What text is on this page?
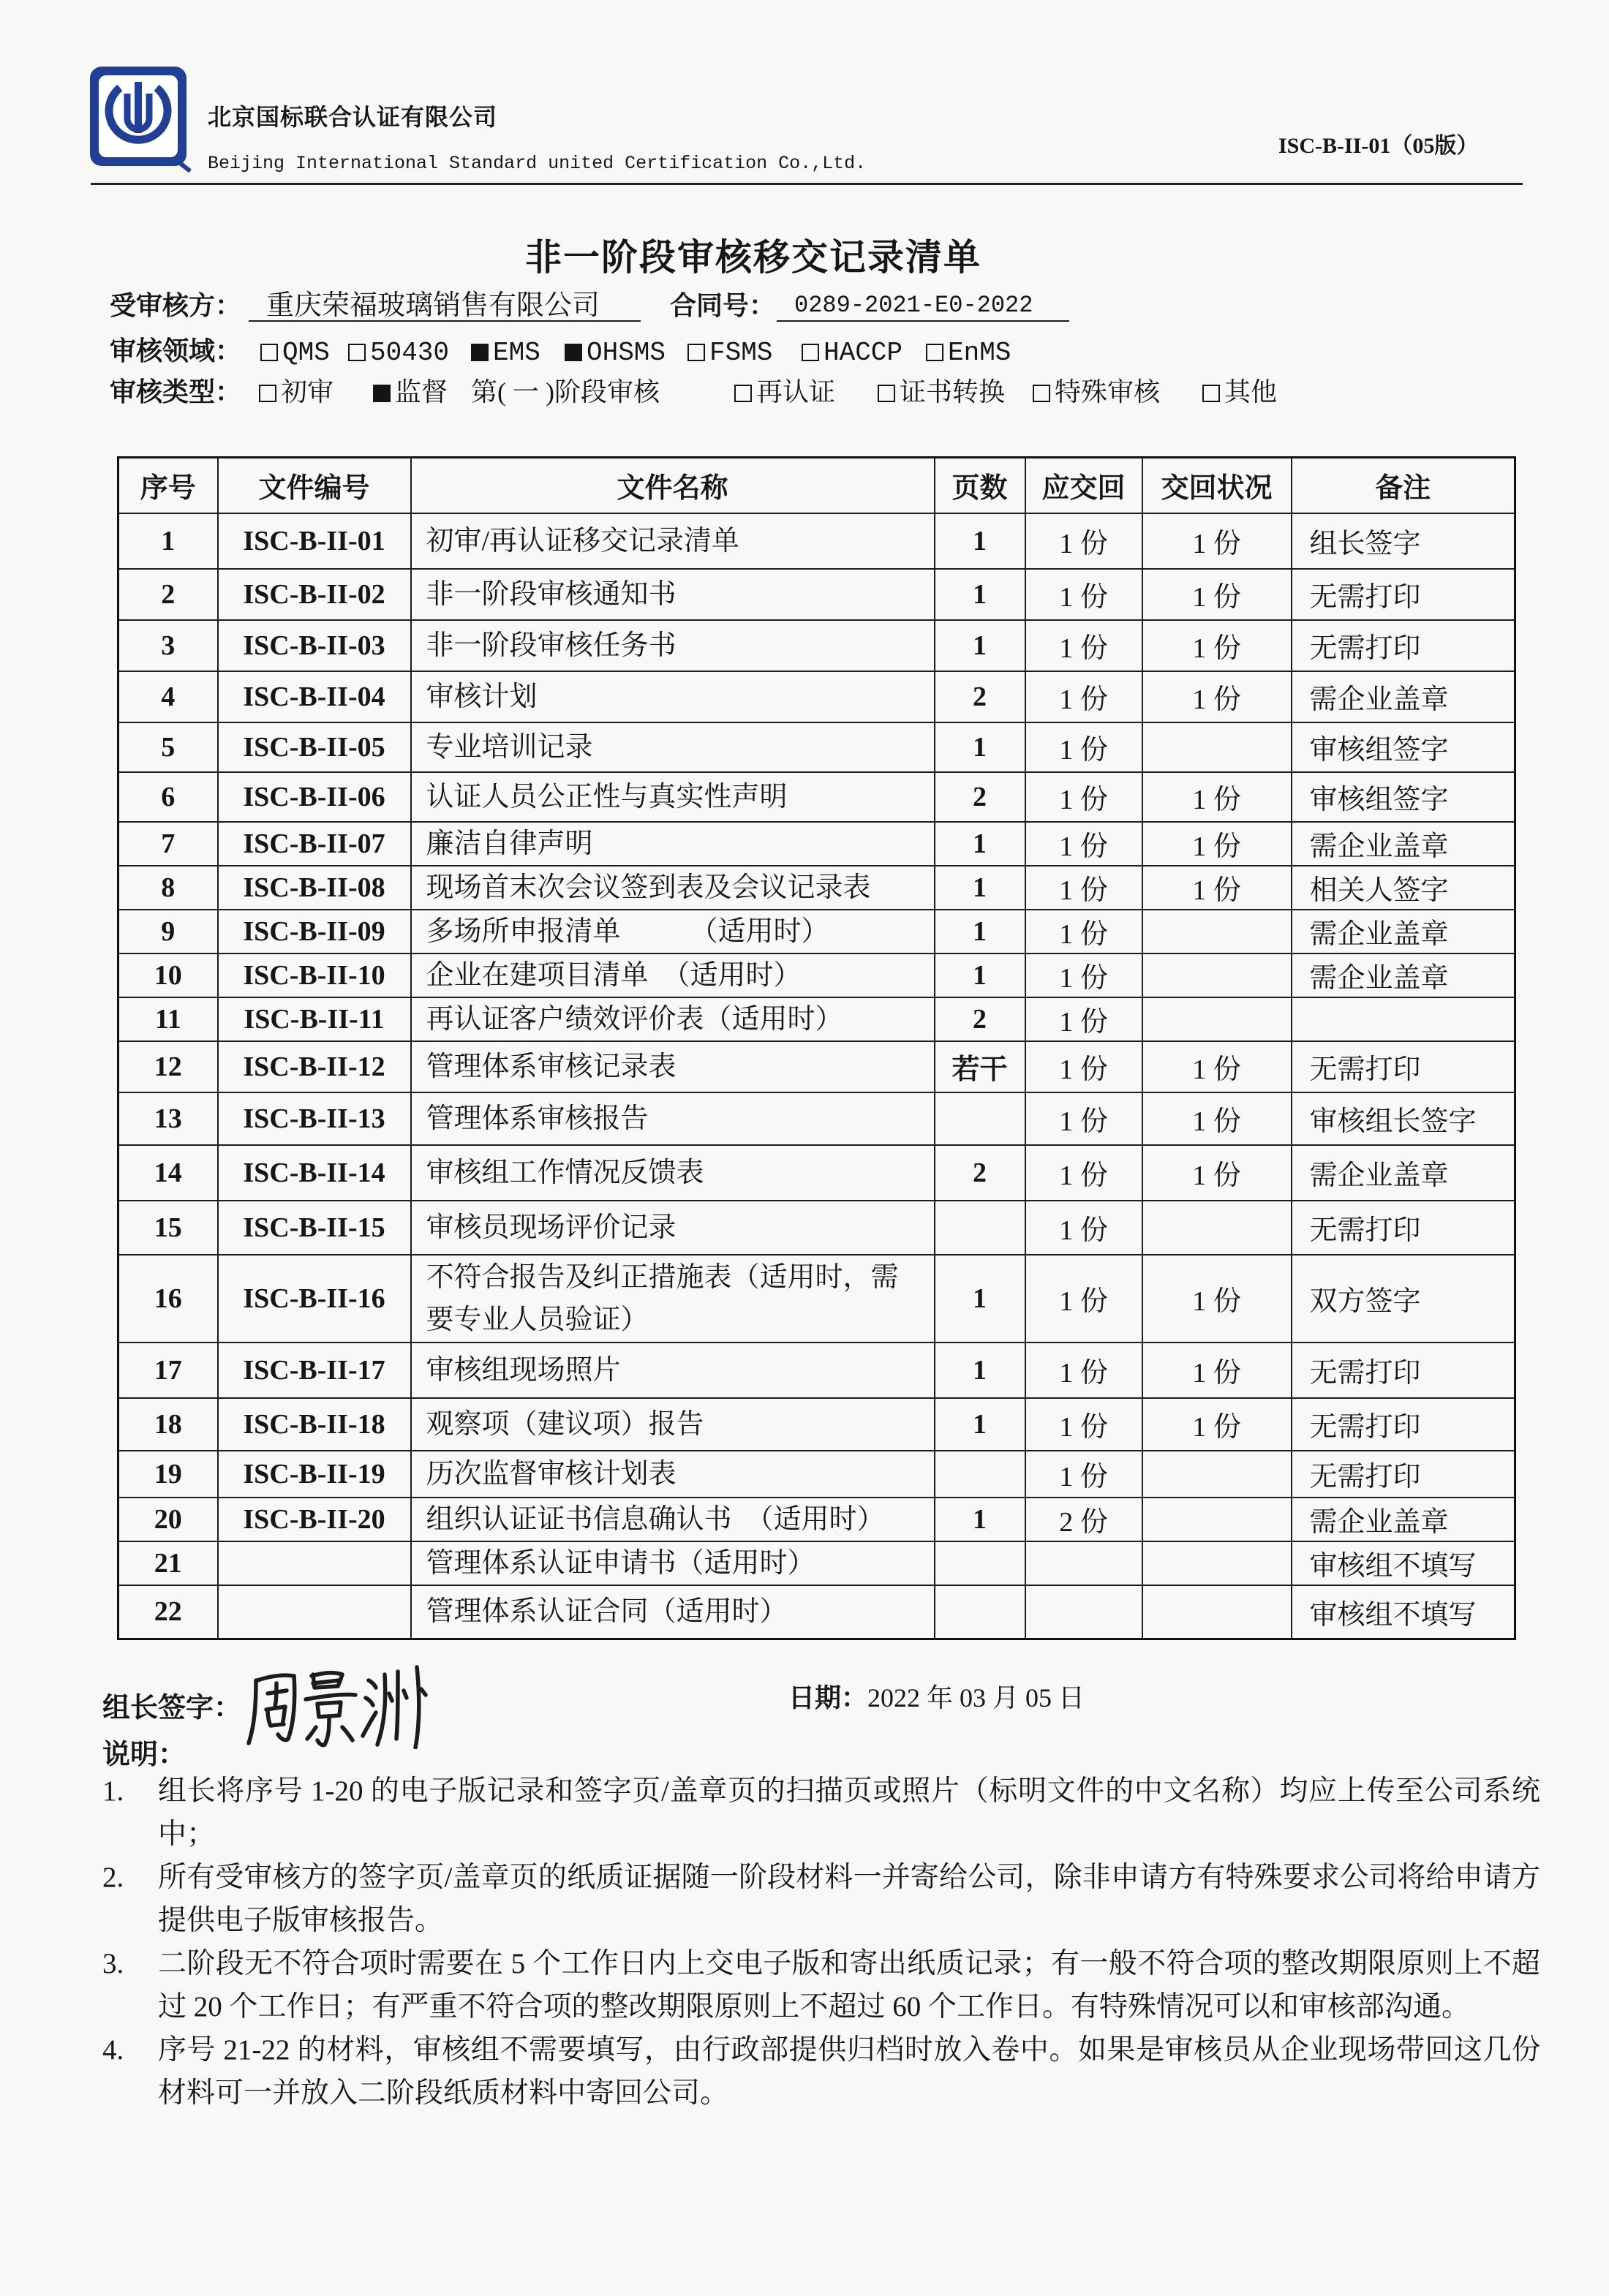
北京国标联合认证有限公司
Beijing International Standard united Certification Co.,Ltd.
ISC-B-II-01（05版）
非一阶段审核移交记录清单
受审核方： 重庆荣福玻璃销售有限公司	合同号： 0289-2021-E0-2022
审核领域：	QMS	50430	EMS	OHSMS	FSMS	HACCP	EnMS
审核类型：	初审	监督 第( 一 )阶段审核	再认证	证书转换	特殊审核	其他
序号	文件编号	文件名称	页数	应交回	交回状况	备注
1	ISC-B-II-01	初审/再认证移交记录清单	1	1 份	1 份	组长签字
2	ISC-B-II-02	非一阶段审核通知书	1	1 份	1 份	无需打印
3	ISC-B-II-03	非一阶段审核任务书	1	1 份	1 份	无需打印
4	ISC-B-II-04	审核计划	2	1 份	1 份	需企业盖章
5	ISC-B-II-05	专业培训记录	1	1 份		审核组签字
6	ISC-B-II-06	认证人员公正性与真实性声明	2	1 份	1 份	审核组签字
7	ISC-B-II-07	廉洁自律声明	1	1 份	1 份	需企业盖章
8	ISC-B-II-08	现场首末次会议签到表及会议记录表	1	1 份	1 份	相关人签字
9	ISC-B-II-09	多场所申报清单　　　（适用时）	1	1 份		需企业盖章
10	ISC-B-II-10	企业在建项目清单　（适用时）	1	1 份		需企业盖章
11	ISC-B-II-11	再认证客户绩效评价表（适用时）	2	1 份		
12	ISC-B-II-12	管理体系审核记录表	若干	1 份	1 份	无需打印
13	ISC-B-II-13	管理体系审核报告		1 份	1 份	审核组长签字
14	ISC-B-II-14	审核组工作情况反馈表	2	1 份	1 份	需企业盖章
15	ISC-B-II-15	审核员现场评价记录		1 份		无需打印
16	ISC-B-II-16	不符合报告及纠正措施表（适用时，需要专业人员验证）	1	1 份	1 份	双方签字
17	ISC-B-II-17	审核组现场照片	1	1 份	1 份	无需打印
18	ISC-B-II-18	观察项（建议项）报告	1	1 份	1 份	无需打印
19	ISC-B-II-19	历次监督审核计划表		1 份		无需打印
20	ISC-B-II-20	组织认证证书信息确认书　（适用时）	1	2 份		需企业盖章
21		管理体系认证申请书（适用时）				审核组不填写
22		管理体系认证合同（适用时）				审核组不填写
组长签字：	日期：2022 年 03 月 05 日
说明：
1.	组长将序号 1-20 的电子版记录和签字页/盖章页的扫描页或照片（标明文件的中文名称）均应上传至公司系统中；
2.	所有受审核方的签字页/盖章页的纸质证据随一阶段材料一并寄给公司，除非申请方有特殊要求公司将给申请方提供电子版审核报告。
3.	二阶段无不符合项时需要在 5 个工作日内上交电子版和寄出纸质记录；有一般不符合项的整改期限原则上不超过 20 个工作日；有严重不符合项的整改期限原则上不超过 60 个工作日。有特殊情况可以和审核部沟通。
4.	序号 21-22 的材料，审核组不需要填写，由行政部提供归档时放入卷中。如果是审核员从企业现场带回这几份材料可一并放入二阶段纸质材料中寄回公司。
